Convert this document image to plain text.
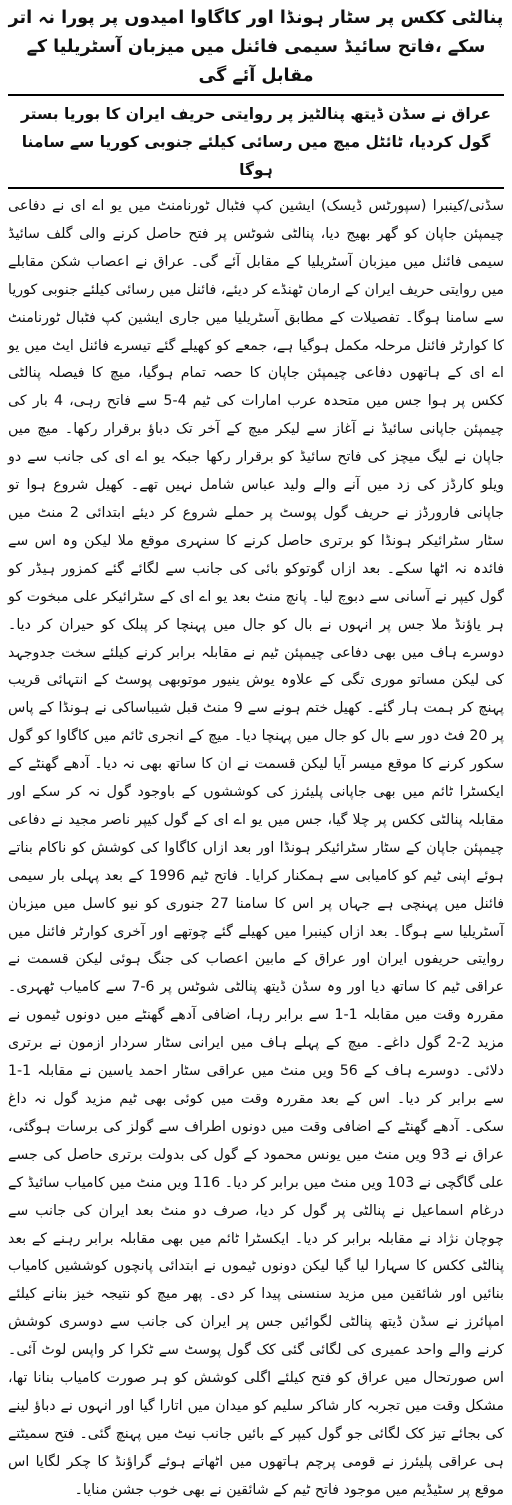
پنالٹی ککس پر سٹار ہونڈا اور کاگاوا امیدوں پر پورا نہ اتر سکے ،فاتح سائیڈ سیمی فائنل میں میزبان آسٹریلیا کے مقابل آئے گی
عراق نے سڈن ڈیتھ پنالٹیز پر روایتی حریف ایران کا بوریا بستر گول کردیا، ٹائٹل میچ میں رسائی کیلئے جنوبی کوریا سے سامنا ہوگا

سڈنی/کینبرا (سپورٹس ڈیسک) ایشین کپ فٹبال ٹورنامنٹ میں یو اے ای نے دفاعی چیمپئن جاپان کو گھر بھیج دیا، پنالٹی شوٹس پر فتح حاصل کرنے والی گلف سائیڈ سیمی فائنل میں میزبان آسٹریلیا کے مقابل آئے گی۔ عراق نے اعصاب شکن مقابلے میں روایتی حریف ایران کے ارمان ٹھنڈے کر دیئے، فائنل میں رسائی کیلئے جنوبی کوریا سے سامنا ہوگا۔ تفصیلات کے مطابق آسٹریلیا میں جاری ایشین کپ فٹبال ٹورنامنٹ کا کوارٹر فائنل مرحلہ مکمل ہوگیا ہے، جمعے کو کھیلے گئے تیسرے فائنل ایٹ میں یو اے ای کے ہاتھوں دفاعی چیمپئن جاپان کا حصہ تمام ہوگیا، میچ کا فیصلہ پنالٹی ککس پر ہوا جس میں متحدہ عرب امارات کی ٹیم 4-5 سے فاتح رہی، 4 بار کی چیمپئن جاپانی سائیڈ نے آغاز سے لیکر میچ کے آخر تک دباؤ برقرار رکھا۔ میچ میں جاپان نے لیگ میچز کی فاتح سائیڈ کو برقرار رکھا جبکہ یو اے ای کی جانب سے دو ویلو کارڈز کی زد میں آنے والے ولید عباس شامل نہیں تھے۔ کھیل شروع ہوا تو جاپانی فارورڈز نے حریف گول پوسٹ پر حملے شروع کر دیئے ابتدائی 2 منٹ میں سٹار سٹرائیکر ہونڈا کو برتری حاصل کرنے کا سنہری موقع ملا لیکن وہ اس سے فائدہ نہ اٹھا سکے۔ بعد ازاں گوتوکو بائی کی جانب سے لگائے گئے کمزور ہیڈر کو گول کیپر نے آسانی سے دبوچ لیا۔ پانچ منٹ بعد یو اے ای کے سٹرائیکر علی مبخوت کو ہر یاؤنڈ ملا جس پر انہوں نے بال کو جال میں پہنچا کر پبلک کو حیران کر دیا۔ دوسرے ہاف میں بھی دفاعی چیمپئن ٹیم نے مقابلہ برابر کرنے کیلئے سخت جدوجہد کی لیکن مساتو موری تگی کے علاوہ یوش ینیور موتوبھی پوسٹ کے انتہائی قریب پہنچ کر ہمت ہار گئے۔ کھیل ختم ہونے سے 9 منٹ قبل شیباساکی نے ہونڈا کے پاس پر 20 فٹ دور سے بال کو جال میں پہنچا دیا۔ میچ کے انجری ٹائم میں کاگاوا کو گول سکور کرنے کا موقع میسر آیا لیکن قسمت نے ان کا ساتھ بھی نہ دیا۔ آدھے گھنٹے کے ایکسٹرا ٹائم میں بھی جاپانی پلیئرز کی کوششوں کے باوجود گول نہ کر سکے اور مقابلہ پنالٹی ککس پر چلا گیا، جس میں یو اے ای کے گول کیپر ناصر مجید نے دفاعی چیمپئن جاپان کے سٹار سٹرائیکر ہونڈا اور بعد ازاں کاگاوا کی کوشش کو ناکام بناتے ہوئے اپنی ٹیم کو کامیابی سے ہمکنار کرایا۔ فاتح ٹیم 1996 کے بعد پہلی بار سیمی فائنل میں پہنچی ہے جہاں پر اس کا سامنا 27 جنوری کو نیو کاسل میں میزبان آسٹریلیا سے ہوگا۔ بعد ازاں کینبرا میں کھیلے گئے چوتھے اور آخری کوارٹر فائنل میں روایتی حریفوں ایران اور عراق کے مابین اعصاب کی جنگ ہوئی لیکن قسمت نے عراقی ٹیم کا ساتھ دیا اور وہ سڈن ڈیتھ پنالٹی شوٹس پر 6-7 سے کامیاب ٹھہری۔ مقررہ وقت میں مقابلہ 1-1 سے برابر رہا، اضافی آدھے گھنٹے میں دونوں ٹیموں نے مزید 2-2 گول داغے۔ میچ کے پہلے ہاف میں ایرانی سٹار سردار ازمون نے برتری دلائی۔ دوسرے ہاف کے 56 ویں منٹ میں عراقی سٹار احمد یاسین نے مقابلہ 1-1 سے برابر کر دیا۔ اس کے بعد مقررہ وقت میں کوئی بھی ٹیم مزید گول نہ داغ سکی۔ آدھے گھنٹے کے اضافی وقت میں دونوں اطراف سے گولز کی برسات ہوگئی، عراق نے 93 ویں منٹ میں یونس محمود کے گول کی بدولت برتری حاصل کی جسے علی گاگچی نے 103 ویں منٹ میں برابر کر دیا۔ 116 ویں منٹ میں کامیاب سائیڈ کے درغام اسماعیل نے پنالٹی پر گول کر دیا، صرف دو منٹ بعد ایران کی جانب سے چوچان نژاد نے مقابلہ برابر کر دیا۔ ایکسٹرا ٹائم میں بھی مقابلہ برابر رہنے کے بعد پنالٹی ککس کا سہارا لیا گیا لیکن دونوں ٹیموں نے ابتدائی پانچوں کوششیں کامیاب بنائیں اور شائقین میں مزید سنسنی پیدا کر دی۔ پھر میچ کو نتیجہ خیز بنانے کیلئے امپائرز نے سڈن ڈیتھ پنالٹی لگوائیں جس پر ایران کی جانب سے دوسری کوشش کرنے والے واحد عمیری کی لگائی گئی کک گول پوسٹ سے ٹکرا کر واپس لوٹ آئی۔ اس صورتحال میں عراق کو فتح کیلئے اگلی کوشش کو ہر صورت کامیاب بنانا تھا، مشکل وقت میں تجربہ کار شاکر سلیم کو میدان میں اتارا گیا اور انہوں نے دباؤ لینے کی بجائے تیز کک لگائی جو گول کیپر کے بائیں جانب نیٹ میں پہنچ گئی۔ فتح سمیٹتے ہی عراقی پلیئرز نے قومی پرچم ہاتھوں میں اٹھاتے ہوئے گراؤنڈ کا چکر لگایا اس موقع پر سٹیڈیم میں موجود فاتح ٹیم کے شائقین نے بھی خوب جشن منایا۔
